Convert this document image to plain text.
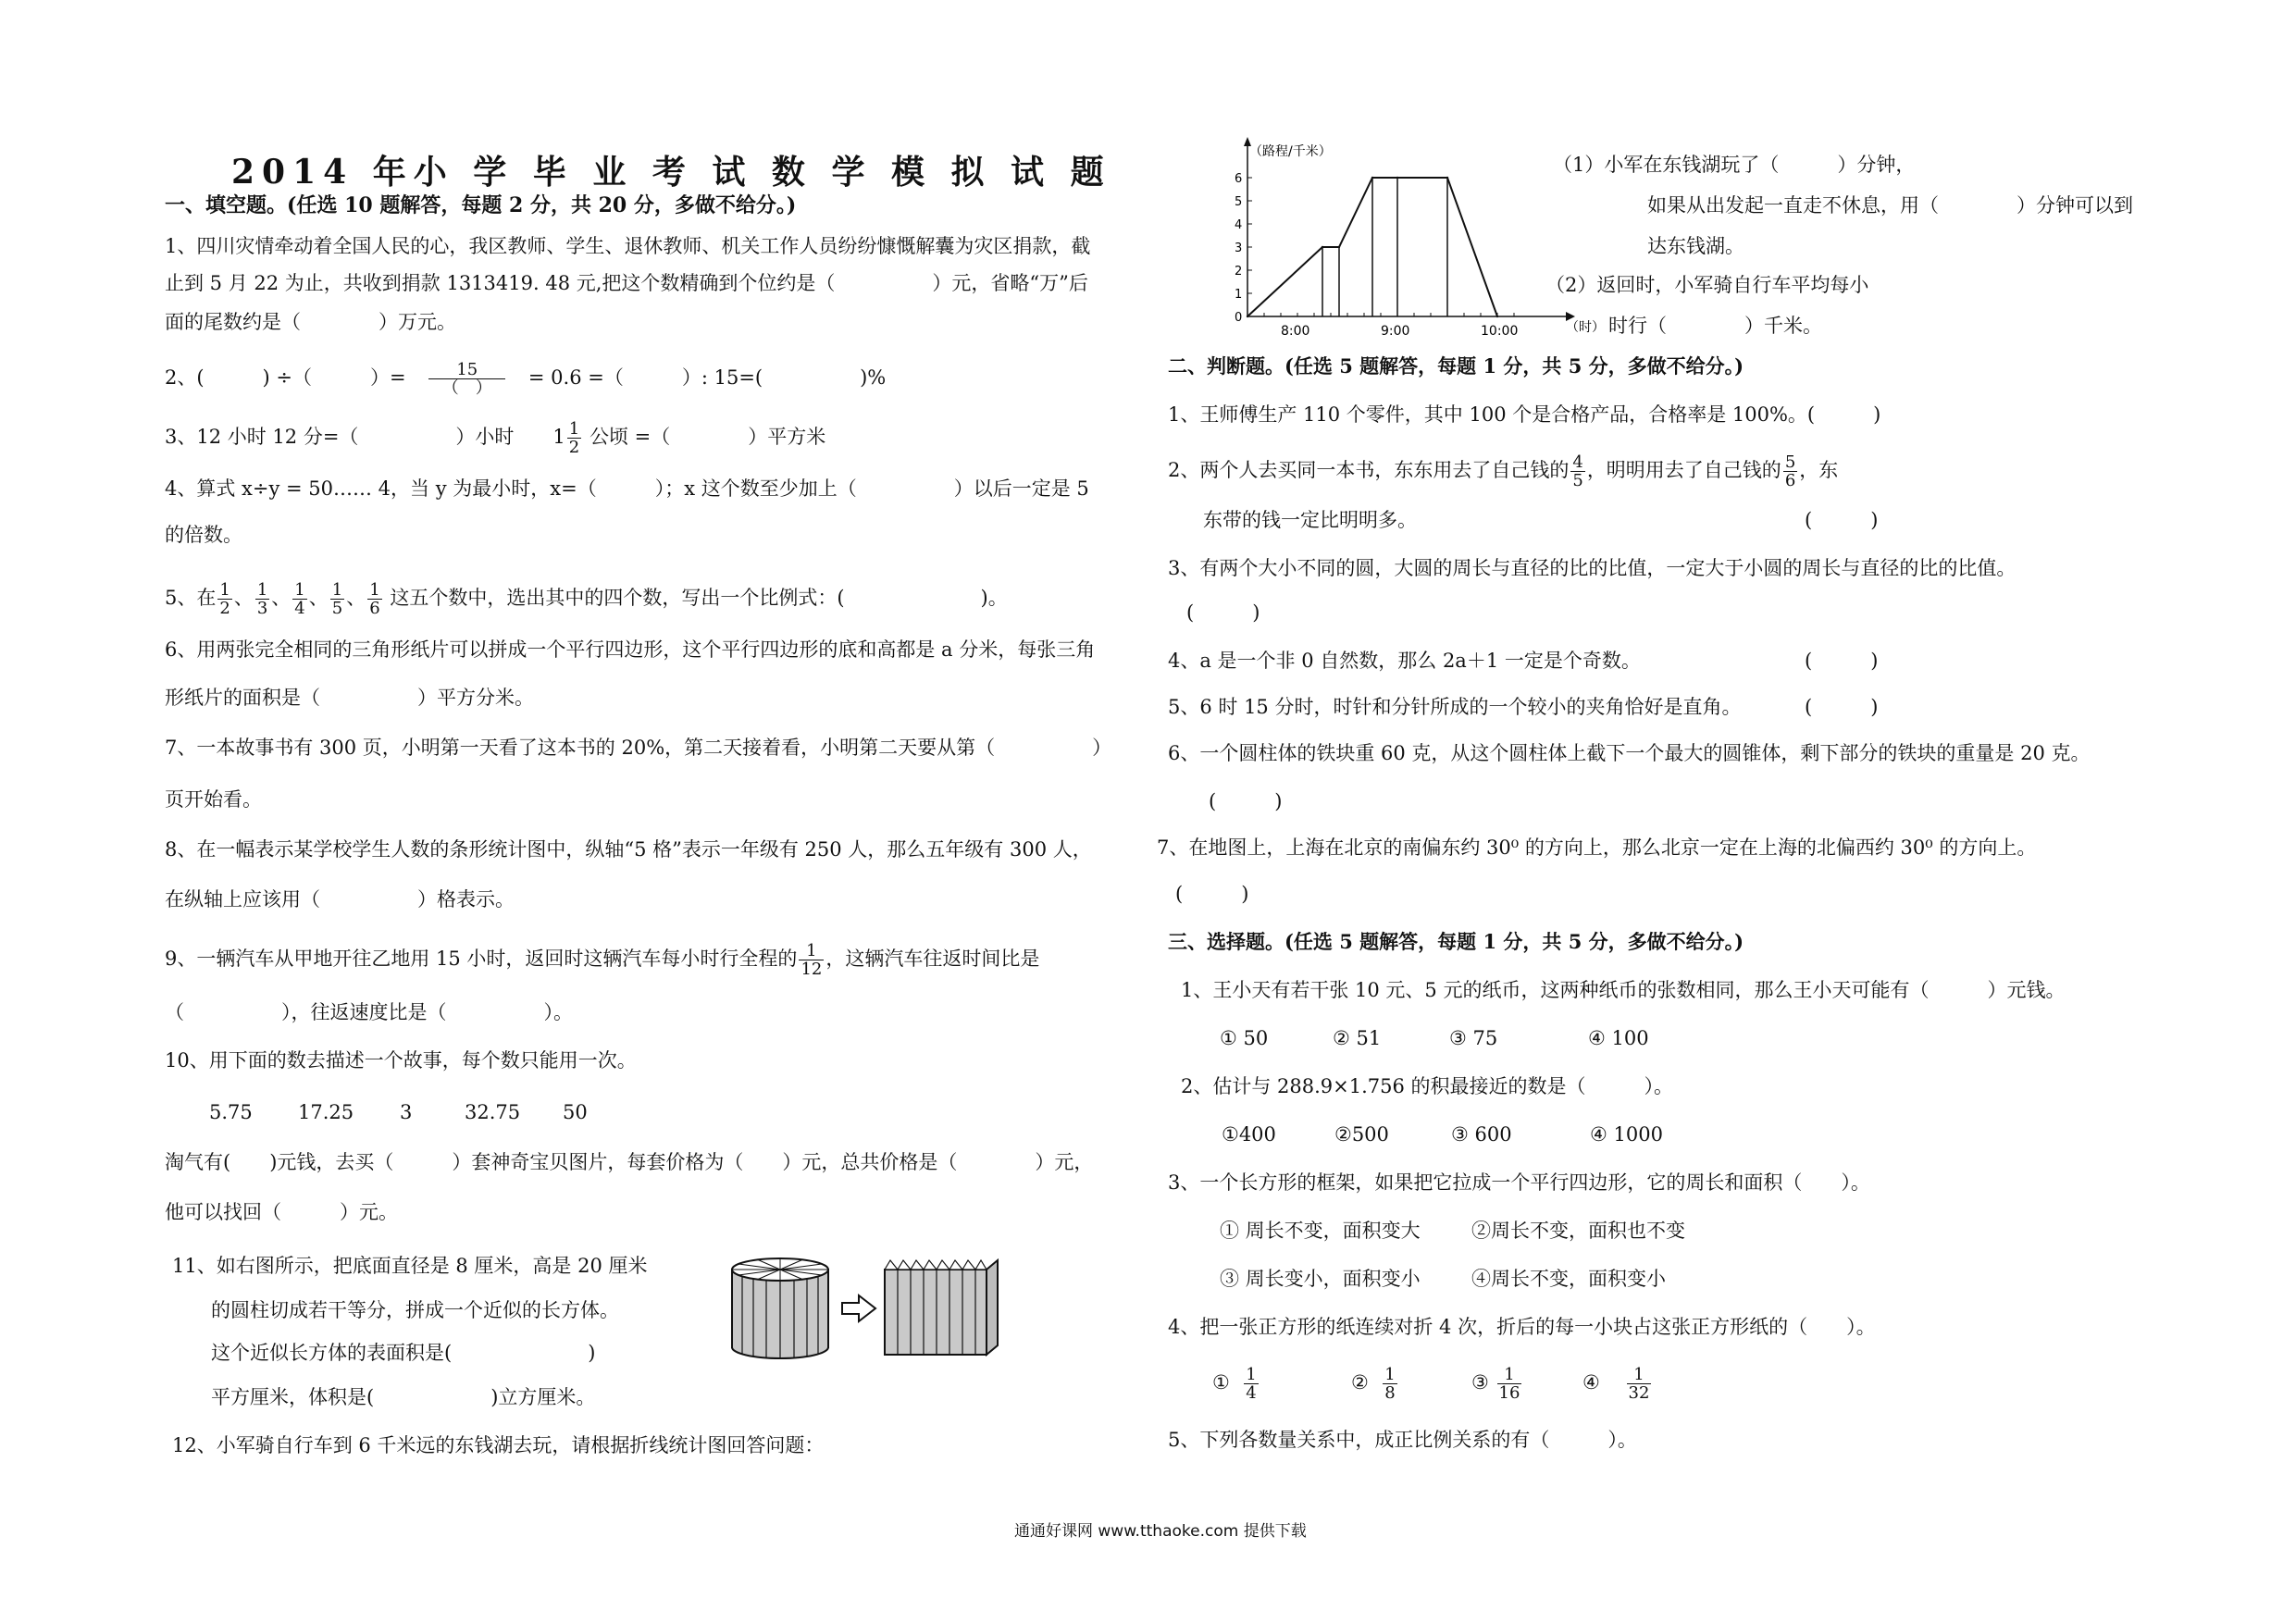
2014 年小 学 毕 业 考 试 数 学 模 拟 试 题
一、填空题。(任选 10 题解答，每题 2 分，共 20 分，多做不给分。)
1、四川灾情牵动着全国人民的心，我区教师、学生、退休教师、机关工作人员纷纷慷慨解囊为灾区捐款，截
止到 5 月 22 为止，共收到捐款 1313419. 48 元,把这个数精确到个位约是（　　　　　）元，省略“万”后
面的尾数约是（　　　　）万元。
2、(　　　) ÷（　　　）= $\frac{15}{( )} = 0.6$ =（　　　）: 15=(　　　　　)%
3、12 小时 12 分=（　　　　　）小时　　$1 \frac{1}{2}$ 公顷 =（　　　　）平方米
4、算式 x÷y = 50…… 4，当 y 为最小时，x=（　　　）；x 这个数至少加上（　　　　　）以后一定是 5
的倍数。
5、在 $\frac{1}{2}$ 、 $\frac{1}{3}$ 、 $\frac{1}{4}$ 、 $\frac{1}{5}$ 、 $\frac{1}{6}$ 这五个数中，选出其中的四个数，写出一个比例式：(　　　　　　　)。
6、用两张完全相同的三角形纸片可以拼成一个平行四边形，这个平行四边形的底和高都是 a 分米，每张三角
形纸片的面积是（　　　　　）平方分米。
7、一本故事书有 300 页，小明第一天看了这本书的 20%，第二天接着看，小明第二天要从第（　　　　　）
页开始看。
8、在一幅表示某学校学生人数的条形统计图中，纵轴“5 格”表示一年级有 250 人，那么五年级有 300 人，
在纵轴上应该用（　　　　　）格表示。
9、一辆汽车从甲地开往乙地用 15 小时，返回时这辆汽车每小时行全程的 $\frac{1}{12}$ ，这辆汽车往返时间比是
（　　　　　），往返速度比是（　　　　　）。
10、用下面的数去描述一个故事，每个数只能用一次。
5.75 17.25 3	32.75 50
淘气有(　　)元钱，去买（　　　）套神奇宝贝图片，每套价格为（　　）元，总共价格是（　　　　）元，
他可以找回（　　　）元。
11、如右图所示，把底面直径是 8 厘米，高是 20 厘米
的圆柱切成若干等分，拼成一个近似的长方体。
这个近似长方体的表面积是(　　　　　　　)
平方厘米，体积是(　　　　　　)立方厘米。
12、小军骑自行车到 6 千米远的东钱湖去玩，请根据折线统计图回答问题：
0
1
2
3
4
5
6
8:00	9:00	10:00
（路程/千米）
（时）
（1）小军在东钱湖玩了（　　　）分钟，
如果从出发起一直走不休息，用（　　　　）分钟可以到
达东钱湖。
（2）返回时，小军骑自行车平均每小
时行（　　　　）千米。
二、判断题。(任选 5 题解答，每题 1 分，共 5 分，多做不给分。)
1、王师傅生产 110 个零件，其中 100 个是合格产品，合格率是 100%。(　　　)
2、两个人去买同一本书，东东用去了自己钱的 $\frac{4}{5}$ ，明明用去了自己钱的 $\frac{5}{6}$ ，东
东带的钱一定比明明多。	(　　　)
3、有两个大小不同的圆，大圆的周长与直径的比的比值，一定大于小圆的周长与直径的比的比值。
(　　　)
4、a 是一个非 0 自然数，那么 2a＋1 一定是个奇数。	(　　　)
5、6 时 15 分时，时针和分针所成的一个较小的夹角恰好是直角。	(　　　)
6、一个圆柱体的铁块重 60 克，从这个圆柱体上截下一个最大的圆锥体，剩下部分的铁块的重量是 20 克。
(　　　)
7、在地图上，上海在北京的南偏东约 30⁰ 的方向上，那么北京一定在上海的北偏西约 30⁰ 的方向上。
(　　　)
三、选择题。(任选 5 题解答，每题 1 分，共 5 分，多做不给分。)
1、王小天有若干张 10 元、5 元的纸币，这两种纸币的张数相同，那么王小天可能有（　　　）元钱。
① 50	② 51	③ 75	④ 100
2、估计与 288.9×1.756 的积最接近的数是（　　　）。
①400	②500	③ 600	④ 1000
3、一个长方形的框架，如果把它拉成一个平行四边形，它的周长和面积（　　）。
① 周长不变，面积变大	②周长不变，面积也不变
③ 周长变小，面积变小	④周长不变，面积变小
4、把一张正方形的纸连续对折 4 次，折后的每一小块占这张正方形纸的（　　）。
① $\frac{1}{4}$	② $\frac{1}{8}$	③ $\frac{1}{16}$	④ $\frac{1}{32}$
5、下列各数量关系中，成正比例关系的有（　　　）。
通通好课网 www.tthaoke.com 提供下载
